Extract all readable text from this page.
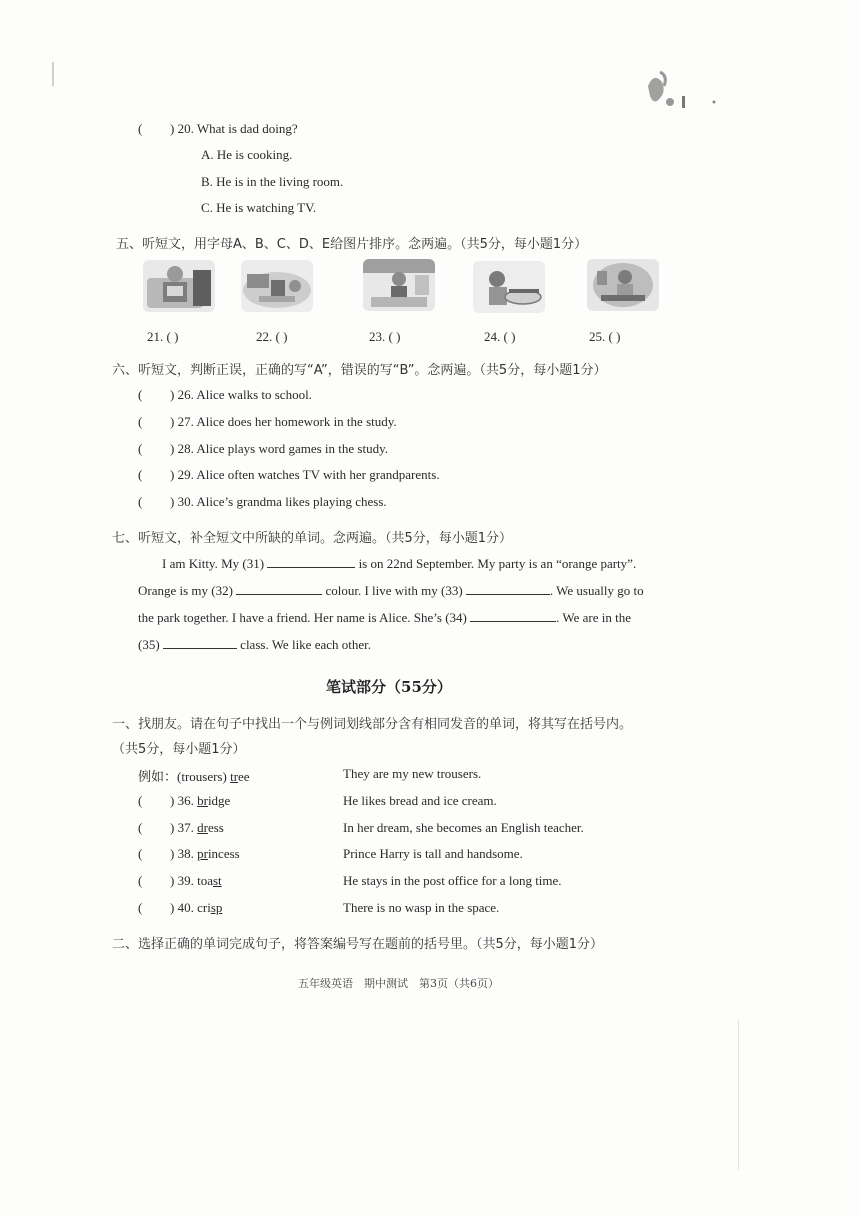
( ) 20. What is dad doing?
A. He is cooking.
B. He is in the living room.
C. He is watching TV.
五、听短文，用字母A、B、C、D、E给图片排序。念两遍。（共5分，每小题1分）
21. ( )	22. ( )	23. ( )	24. ( )	25. ( )
六、听短文，判断正误，正确的写“A”，错误的写“B”。念两遍。（共5分，每小题1分）
( ) 26. Alice walks to school.
( ) 27. Alice does her homework in the study.
( ) 28. Alice plays word games in the study.
( ) 29. Alice often watches TV with her grandparents.
( ) 30. Alice’s grandma likes playing chess.
七、听短文，补全短文中所缺的单词。念两遍。（共5分，每小题1分）
I am Kitty. My (31)	is on 22nd September. My party is an “orange party”.
Orange is my (32)	colour. I live with my (33)	. We usually go to
the park together. I have a friend. Her name is Alice. She’s (34)	. We are in the
(35)	class. We like each other.
笔试部分（55分）
一、找朋友。请在句子中找出一个与例词划线部分含有相同发音的单词，将其写在括号内。
（共5分，每小题1分）
例如：(trousers) tree	They are my new trousers.
( ) 36. bridge	He likes bread and ice cream.
( ) 37. dress	In her dream, she becomes an English teacher.
( ) 38. princess	Prince Harry is tall and handsome.
( ) 39. toast	He stays in the post office for a long time.
( ) 40. crisp	There is no wasp in the space.
二、选择正确的单词完成句子，将答案编号写在题前的括号里。（共5分，每小题1分）
五年级英语　期中测试　第3页（共6页）
